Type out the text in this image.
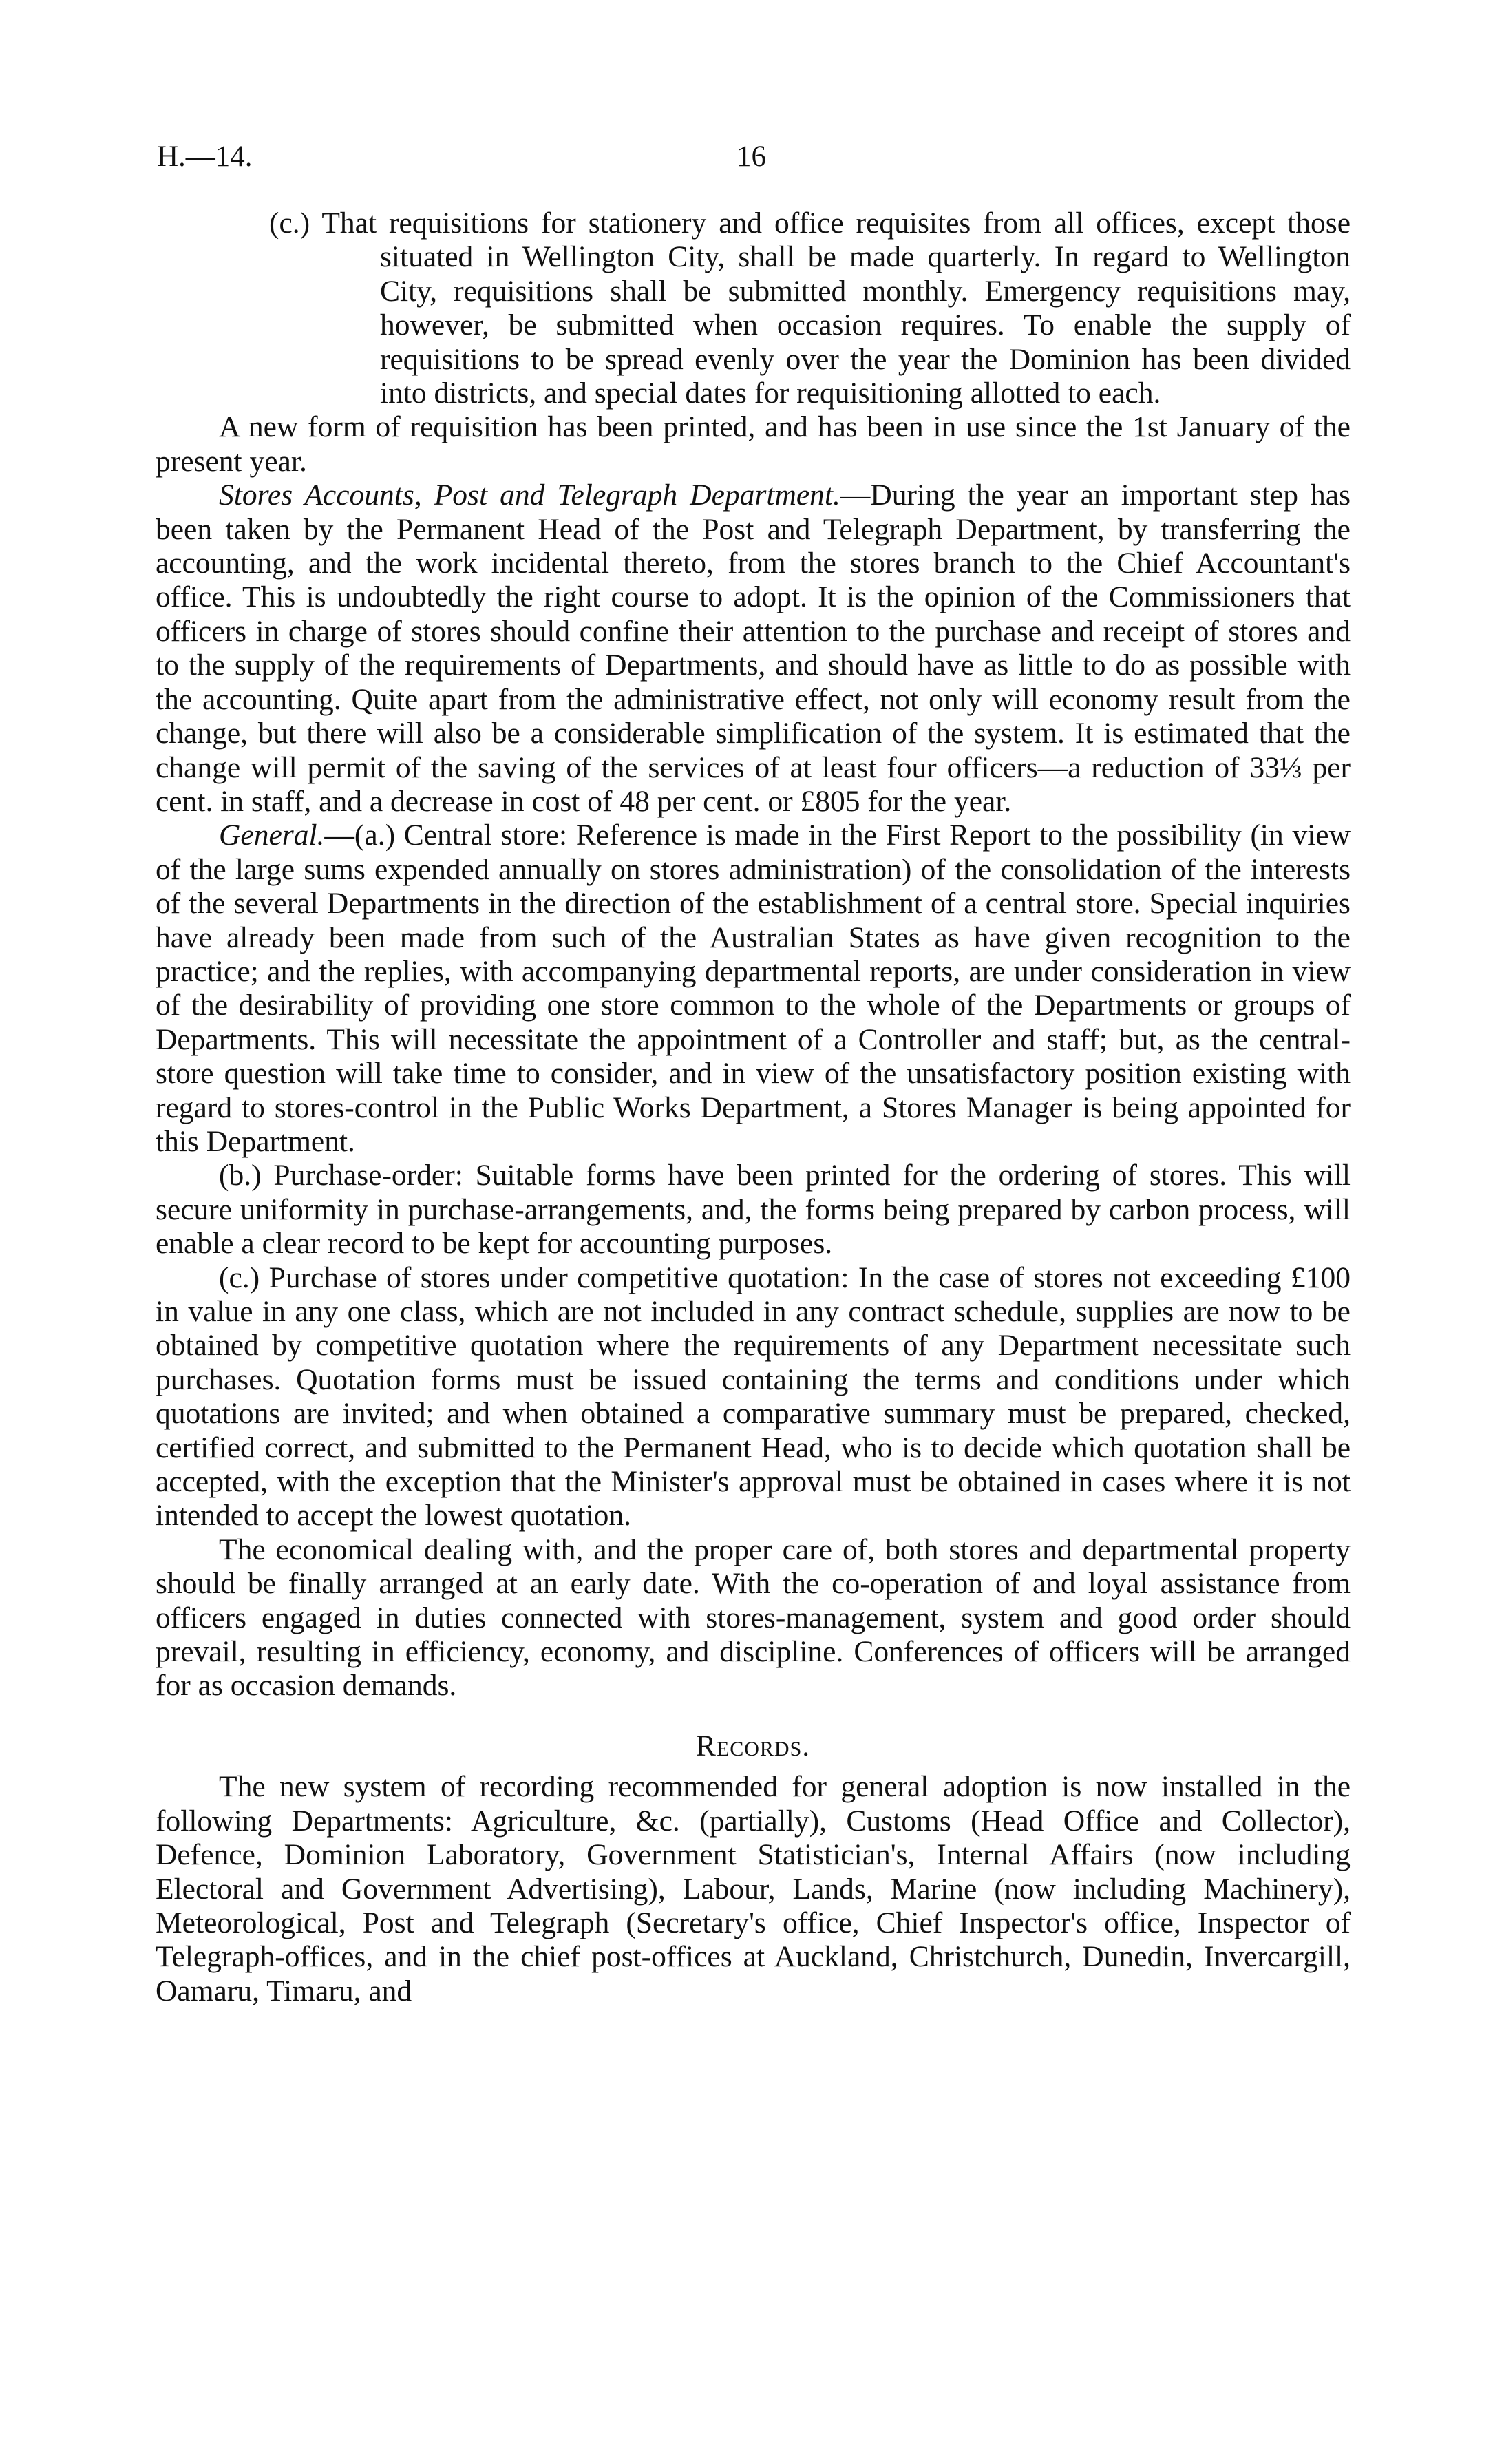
H.—14.	16

(c.) That requisitions for stationery and office requisites from all offices, except those situated in Wellington City, shall be made quarterly. In regard to Wellington City, requisitions shall be submitted monthly. Emergency requisitions may, however, be submitted when occasion requires. To enable the supply of requisitions to be spread evenly over the year the Dominion has been divided into districts, and special dates for requisitioning allotted to each.

A new form of requisition has been printed, and has been in use since the 1st January of the present year.

Stores Accounts, Post and Telegraph Department.—During the year an important step has been taken by the Permanent Head of the Post and Telegraph Department, by transferring the accounting, and the work incidental thereto, from the stores branch to the Chief Accountant's office. This is undoubtedly the right course to adopt. It is the opinion of the Commissioners that officers in charge of stores should confine their attention to the purchase and receipt of stores and to the supply of the requirements of Departments, and should have as little to do as possible with the accounting. Quite apart from the administrative effect, not only will economy result from the change, but there will also be a considerable simplification of the system. It is estimated that the change will permit of the saving of the services of at least four officers—a reduction of 33⅓ per cent. in staff, and a decrease in cost of 48 per cent. or £805 for the year.

General.—(a.) Central store: Reference is made in the First Report to the possibility (in view of the large sums expended annually on stores administration) of the consolidation of the interests of the several Departments in the direction of the establishment of a central store. Special inquiries have already been made from such of the Australian States as have given recognition to the practice; and the replies, with accompanying departmental reports, are under consideration in view of the desirability of providing one store common to the whole of the Departments or groups of Departments. This will necessitate the appointment of a Controller and staff; but, as the central-store question will take time to consider, and in view of the unsatisfactory position existing with regard to stores-control in the Public Works Department, a Stores Manager is being appointed for this Department.

(b.) Purchase-order: Suitable forms have been printed for the ordering of stores. This will secure uniformity in purchase-arrangements, and, the forms being prepared by carbon process, will enable a clear record to be kept for accounting purposes.

(c.) Purchase of stores under competitive quotation: In the case of stores not exceeding £100 in value in any one class, which are not included in any contract schedule, supplies are now to be obtained by competitive quotation where the requirements of any Department necessitate such purchases. Quotation forms must be issued containing the terms and conditions under which quotations are invited; and when obtained a comparative summary must be prepared, checked, certified correct, and submitted to the Permanent Head, who is to decide which quotation shall be accepted, with the exception that the Minister's approval must be obtained in cases where it is not intended to accept the lowest quotation.

The economical dealing with, and the proper care of, both stores and departmental property should be finally arranged at an early date. With the co-operation of and loyal assistance from officers engaged in duties connected with stores-management, system and good order should prevail, resulting in efficiency, economy, and discipline. Conferences of officers will be arranged for as occasion demands.

Records.

The new system of recording recommended for general adoption is now installed in the following Departments: Agriculture, &c. (partially), Customs (Head Office and Collector), Defence, Dominion Laboratory, Government Statistician's, Internal Affairs (now including Electoral and Government Advertising), Labour, Lands, Marine (now including Machinery), Meteorological, Post and Telegraph (Secretary's office, Chief Inspector's office, Inspector of Telegraph-offices, and in the chief post-offices at Auckland, Christchurch, Dunedin, Invercargill, Oamaru, Timaru, and
